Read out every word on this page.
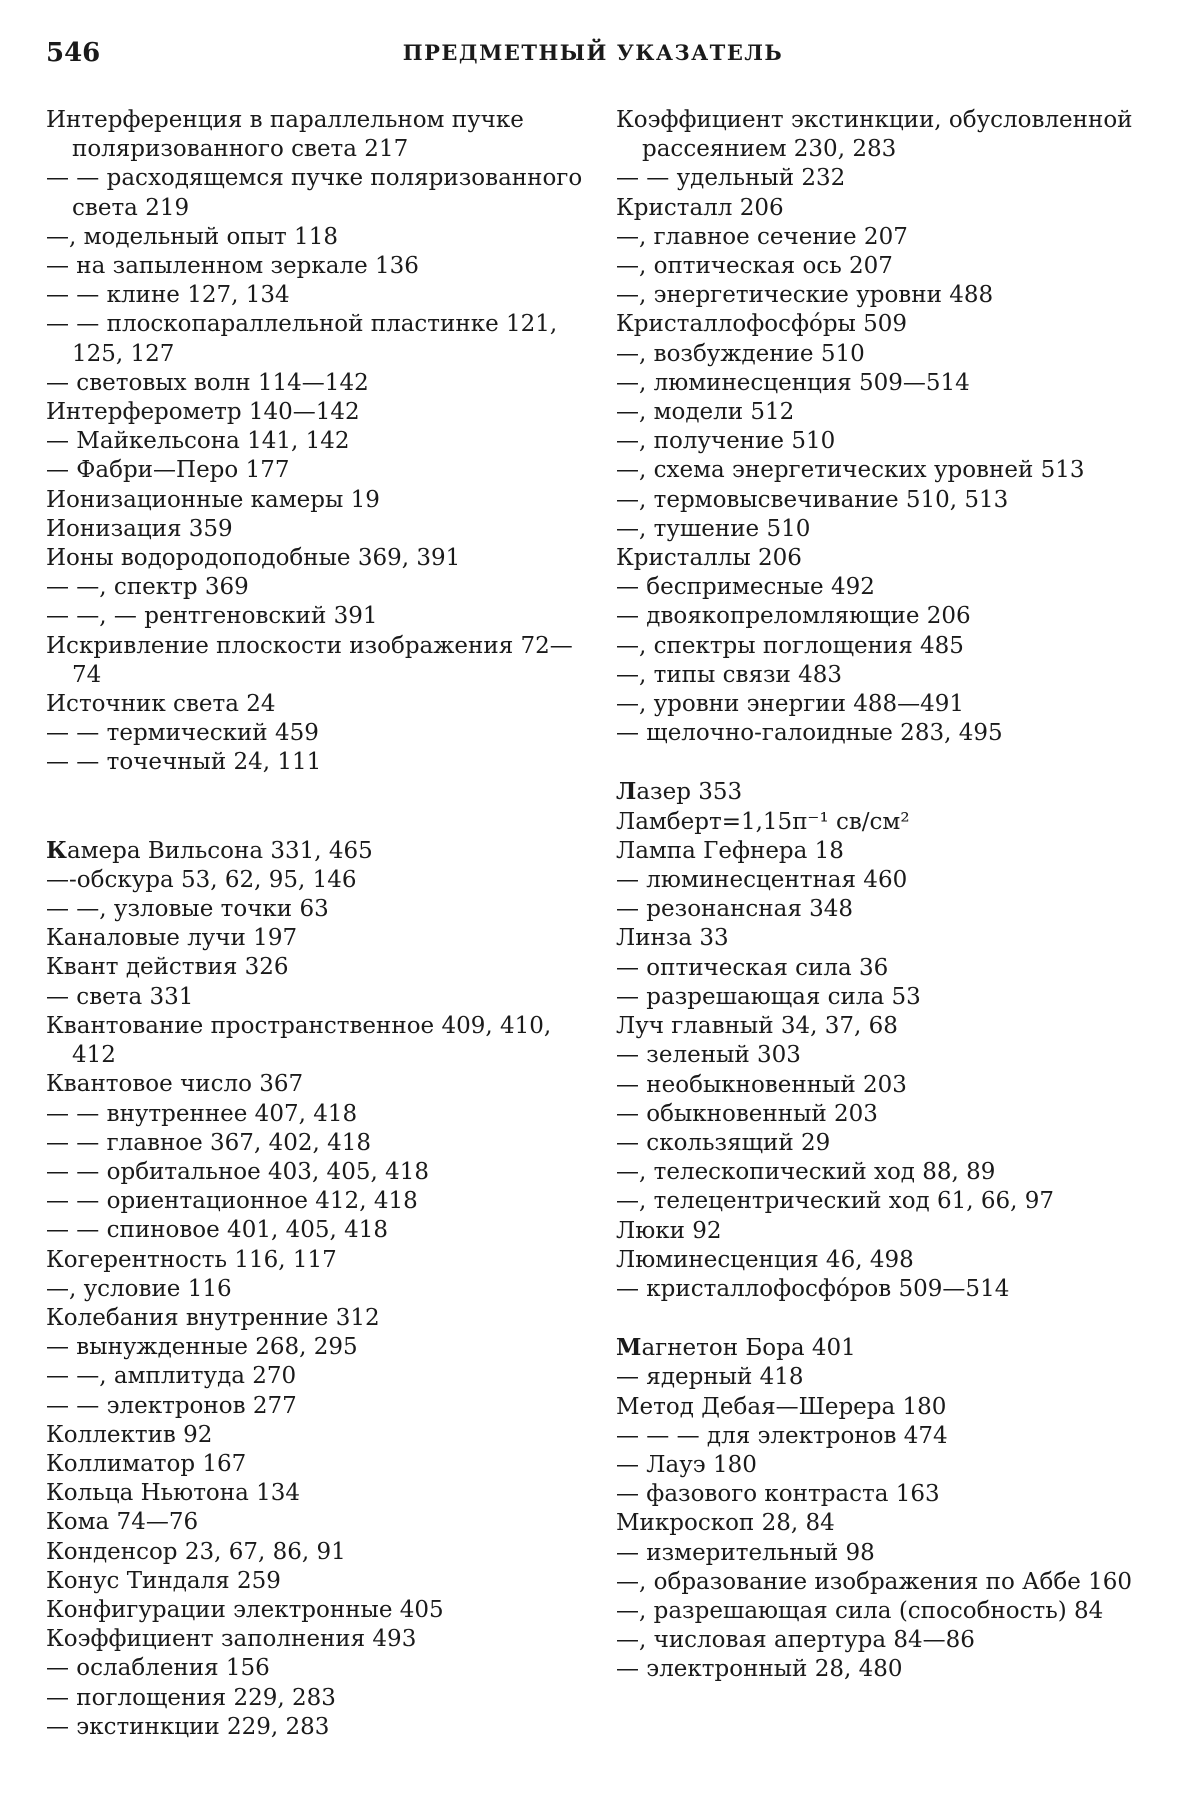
546	ПРЕДМЕТНЫЙ УКАЗАТЕЛЬ
Интерференция в параллельном пучке поляризованного света 217
— — расходящемся пучке поляризованного света 219
—, модельный опыт 118
— на запыленном зеркале 136
— — клине 127, 134
— — плоскопараллельной пластинке 121, 125, 127
— световых волн 114—142
Интерферометр 140—142
— Майкельсона 141, 142
— Фабри—Перо 177
Ионизационные камеры 19
Ионизация 359
Ионы водородоподобные 369, 391
— —, спектр 369
— —, — рентгеновский 391
Искривление плоскости изображения 72—74
Источник света 24
— — термический 459
— — точечный 24, 111
Камера Вильсона 331, 465
—-обскура 53, 62, 95, 146
— —, узловые точки 63
Каналовые лучи 197
Квант действия 326
— света 331
Квантование пространственное 409, 410, 412
Квантовое число 367
— — внутреннее 407, 418
— — главное 367, 402, 418
— — орбитальное 403, 405, 418
— — ориентационное 412, 418
— — спиновое 401, 405, 418
Когерентность 116, 117
—, условие 116
Колебания внутренние 312
— вынужденные 268, 295
— —, амплитуда 270
— — электронов 277
Коллектив 92
Коллиматор 167
Кольца Ньютона 134
Кома 74—76
Конденсор 23, 67, 86, 91
Конус Тиндаля 259
Конфигурации электронные 405
Коэффициент заполнения 493
— ослабления 156
— поглощения 229, 283
— экстинкции 229, 283
Коэффициент экстинкции, обусловленной рассеянием 230, 283
— — удельный 232
Кристалл 206
—, главное сечение 207
—, оптическая ось 207
—, энергетические уровни 488
Кристаллофосфóры 509
—, возбуждение 510
—, люминесценция 509—514
—, модели 512
—, получение 510
—, схема энергетических уровней 513
—, термовысвечивание 510, 513
—, тушение 510
Кристаллы 206
— беспримесные 492
— двоякопреломляющие 206
—, спектры поглощения 485
—, типы связи 483
—, уровни энергии 488—491
— щелочно-галоидные 283, 495
Лазер 353
Ламберт=1,15π⁻¹ св/см²
Лампа Гефнера 18
— люминесцентная 460
— резонансная 348
Линза 33
— оптическая сила 36
— разрешающая сила 53
Луч главный 34, 37, 68
— зеленый 303
— необыкновенный 203
— обыкновенный 203
— скользящий 29
—, телескопический ход 88, 89
—, телецентрический ход 61, 66, 97
Люки 92
Люминесценция 46, 498
— кристаллофосфóров 509—514
Магнетон Бора 401
— ядерный 418
Метод Дебая—Шерера 180
— — — для электронов 474
— Лауэ 180
— фазового контраста 163
Микроскоп 28, 84
— измерительный 98
—, образование изображения по Аббе 160
—, разрешающая сила (способность) 84
—, числовая апертура 84—86
— электронный 28, 480
